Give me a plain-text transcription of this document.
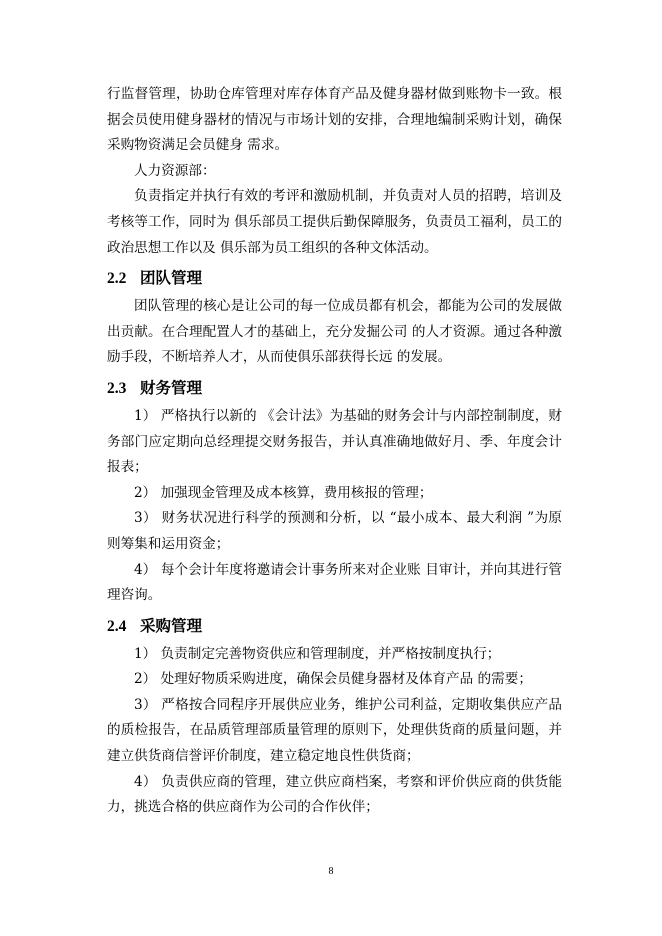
行监督管理，协助仓库管理对库存体育产品及健身器材做到账物卡一致。根据会员使用健身器材的情况与市场计划的安排，合理地编制采购计划，确保采购物资满足会员健身 需求。

人力资源部：

负责指定并执行有效的考评和激励机制，并负责对人员的招聘，培训及考核等工作，同时为 俱乐部员工提供后勤保障服务，负责员工福利，员工的政治思想工作以及 俱乐部为员工组织的各种文体活动。

2.2 团队管理

团队管理的核心是让公司的每一位成员都有机会，都能为公司的发展做出贡献。在合理配置人才的基础上，充分发掘公司 的人才资源。通过各种激励手段，不断培养人才，从而使俱乐部获得长远 的发展。

2.3 财务管理

1） 严格执行以新的 《会计法》为基础的财务会计与内部控制制度，财务部门应定期向总经理提交财务报告，并认真准确地做好月、季、年度会计报表；

2） 加强现金管理及成本核算，费用核报的管理；

3） 财务状况进行科学的预测和分析，以 “最小成本、最大利润 ”为原则筹集和运用资金；

4） 每个会计年度将邀请会计事务所来对企业账 目审计，并向其进行管理咨询。

2.4 采购管理

1） 负责制定完善物资供应和管理制度，并严格按制度执行；

2） 处理好物质采购进度，确保会员健身器材及体育产品 的需要；

3） 严格按合同程序开展供应业务，维护公司利益，定期收集供应产品的质检报告，在品质管理部质量管理的原则下，处理供货商的质量问题，并建立供货商信誉评价制度，建立稳定地良性供货商；

4） 负责供应商的管理，建立供应商档案，考察和评价供应商的供货能力，挑选合格的供应商作为公司的合作伙伴；

8
